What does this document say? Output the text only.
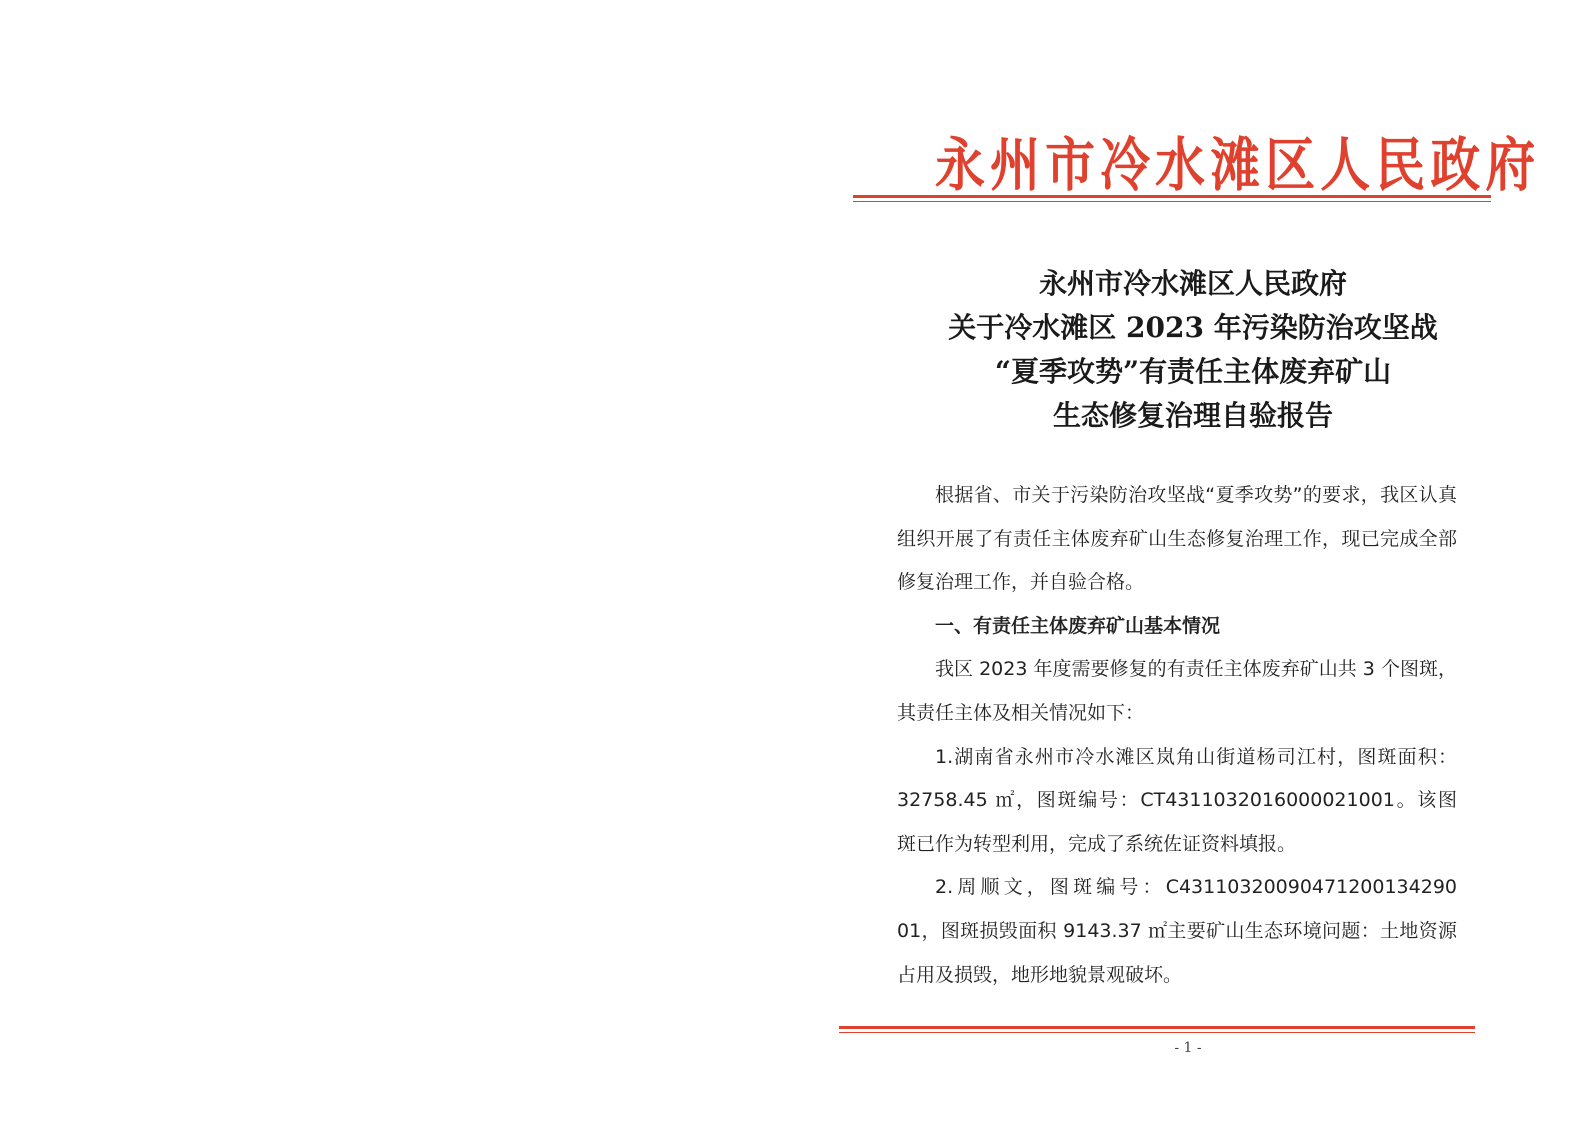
永州市冷水滩区人民政府
永州市冷水滩区人民政府
关于冷水滩区 2023 年污染防治攻坚战
“夏季攻势”有责任主体废弃矿山
生态修复治理自验报告

根据省、市关于污染防治攻坚战“夏季攻势”的要求，我区认真组织开展了有责任主体废弃矿山生态修复治理工作，现已完成全部修复治理工作，并自验合格。

一、有责任主体废弃矿山基本情况

我区 2023 年度需要修复的有责任主体废弃矿山共 3 个图斑，其责任主体及相关情况如下：

1.湖南省永州市冷水滩区岚角山街道杨司江村，图斑面积：32758.45 ㎡，图斑编号：CT4311032016000021001。该图斑已作为转型利用，完成了系统佐证资料填报。

2.周顺文，图斑编号：C43110320090471200134290​01，图斑损毁面积 9143.37 ㎡主要矿山生态环境问题：土地资源占用及损毁，地形地貌景观破坏。

- 1 -
